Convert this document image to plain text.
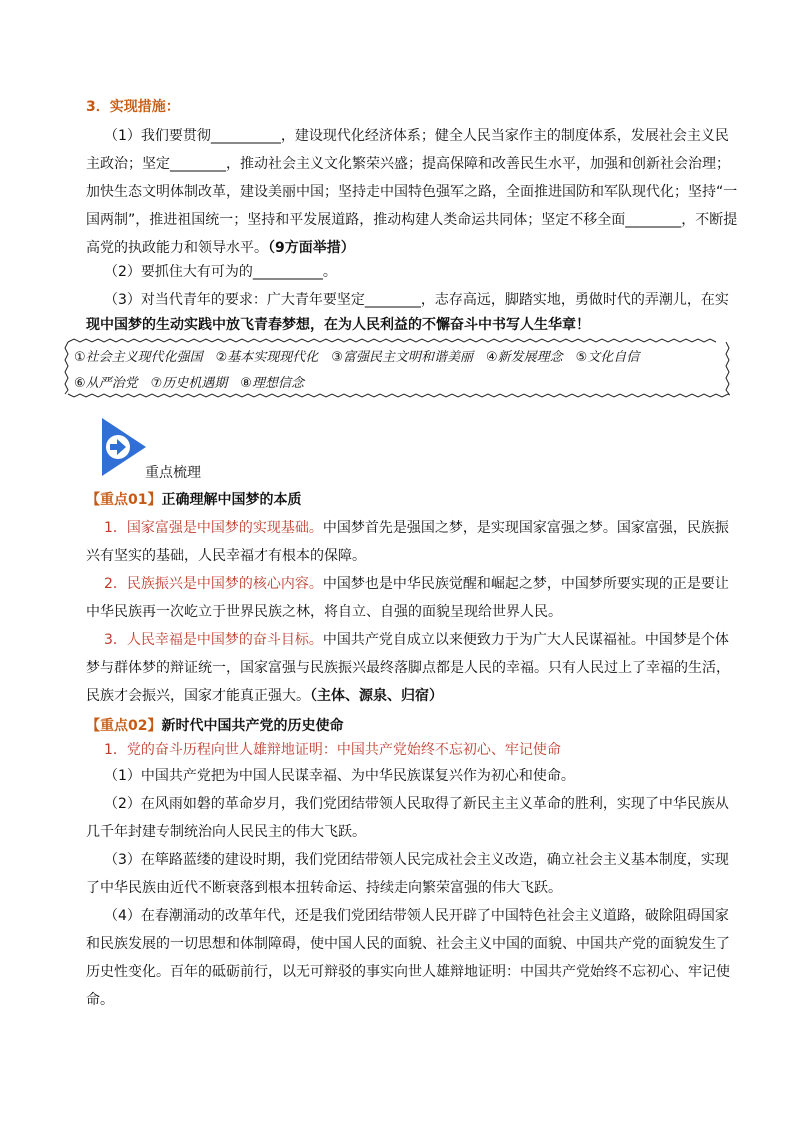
3．实现措施：
（1）我们要贯彻__________，建设现代化经济体系；健全人民当家作主的制度体系，发展社会主义民
主政治；坚定________，推动社会主义文化繁荣兴盛；提高保障和改善民生水平，加强和创新社会治理；
加快生态文明体制改革，建设美丽中国；坚持走中国特色强军之路，全面推进国防和军队现代化；坚持“一
国两制”，推进祖国统一；坚持和平发展道路，推动构建人类命运共同体；坚定不移全面________，不断提
高党的执政能力和领导水平。（9方面举措）
（2）要抓住大有可为的__________。
（3）对当代青年的要求：广大青年要坚定________，志存高远，脚踏实地，勇做时代的弄潮儿，在实
现中国梦的生动实践中放飞青春梦想，在为人民利益的不懈奋斗中书写人生华章！
①社会主义现代化强国　②基本实现现代化　③富强民主文明和谐美丽　④新发展理念　⑤文化自信
⑥从严治党　⑦历史机遇期　⑧理想信念
重点梳理
【重点01】正确理解中国梦的本质
1．国家富强是中国梦的实现基础。中国梦首先是强国之梦，是实现国家富强之梦。国家富强，民族振
兴有坚实的基础，人民幸福才有根本的保障。
2．民族振兴是中国梦的核心内容。中国梦也是中华民族觉醒和崛起之梦，中国梦所要实现的正是要让
中华民族再一次屹立于世界民族之林，将自立、自强的面貌呈现给世界人民。
3．人民幸福是中国梦的奋斗目标。中国共产党自成立以来便致力于为广大人民谋福祉。中国梦是个体
梦与群体梦的辩证统一，国家富强与民族振兴最终落脚点都是人民的幸福。只有人民过上了幸福的生活，
民族才会振兴，国家才能真正强大。（主体、源泉、归宿）
【重点02】新时代中国共产党的历史使命
1．党的奋斗历程向世人雄辩地证明：中国共产党始终不忘初心、牢记使命
（1）中国共产党把为中国人民谋幸福、为中华民族谋复兴作为初心和使命。
（2）在风雨如磐的革命岁月，我们党团结带领人民取得了新民主主义革命的胜利，实现了中华民族从
几千年封建专制统治向人民民主的伟大飞跃。
（3）在筚路蓝缕的建设时期，我们党团结带领人民完成社会主义改造，确立社会主义基本制度，实现
了中华民族由近代不断衰落到根本扭转命运、持续走向繁荣富强的伟大飞跃。
（4）在春潮涌动的改革年代，还是我们党团结带领人民开辟了中国特色社会主义道路，破除阻碍国家
和民族发展的一切思想和体制障碍，使中国人民的面貌、社会主义中国的面貌、中国共产党的面貌发生了
历史性变化。百年的砥砺前行，以无可辩驳的事实向世人雄辩地证明：中国共产党始终不忘初心、牢记使
命。
